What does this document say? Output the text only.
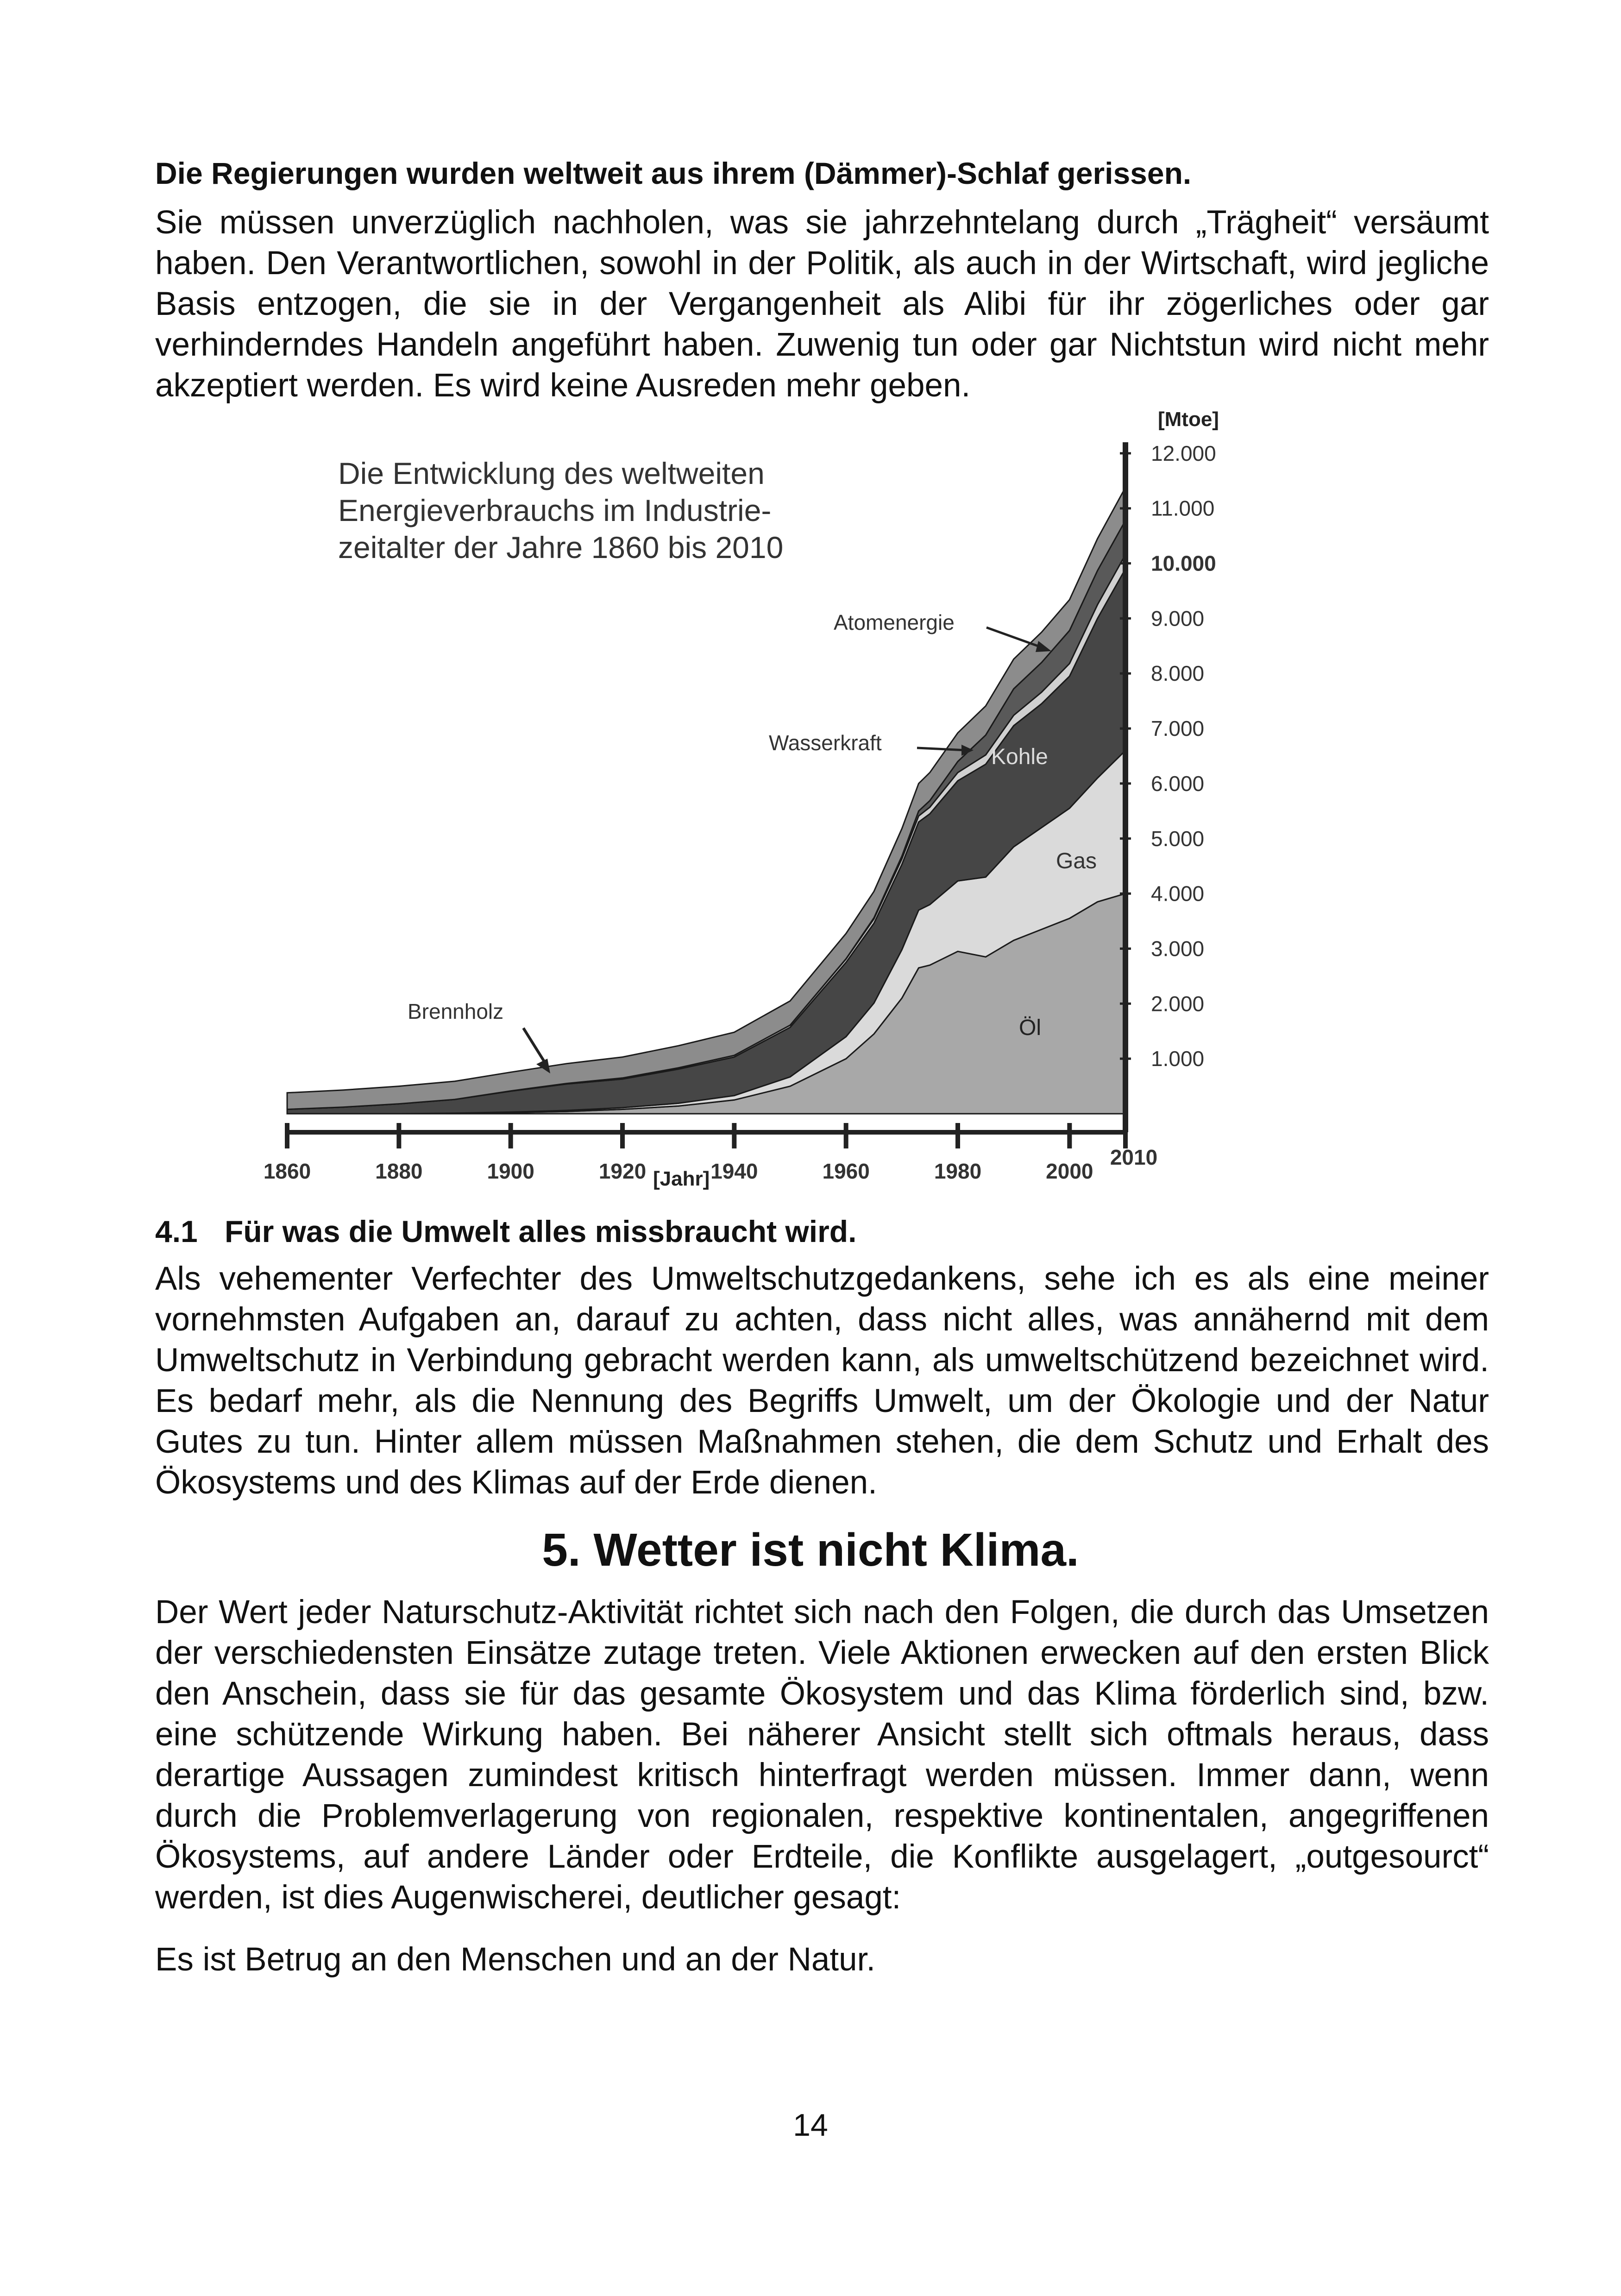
Die Regierungen wurden weltweit aus ihrem (Dämmer)-Schlaf gerissen.

Sie müssen unverzüglich nachholen, was sie jahrzehntelang durch „Trägheit“ versäumt haben. Den Verantwortlichen, sowohl in der Politik, als auch in der Wirtschaft, wird jegliche Basis entzogen, die sie in der Vergangenheit als Alibi für ihr zögerliches oder gar verhinderndes Handeln angeführt haben. Zuwenig tun oder gar Nichtstun wird nicht mehr akzeptiert werden. Es wird keine Ausreden mehr geben.

1860	1880	1900	1920	1940	1960	1980	2000
2010
1.000
2.000
3.000
4.000
5.000
6.000
7.000
8.000
9.000
10.000
11.000
12.000
Die Entwicklung des weltweiten
Energieverbrauchs im Industrie-
zeitalter der Jahre 1860 bis 2010
[Mtoe]
[Jahr]
Atomenergie
Wasserkraft
Kohle
Gas
Öl
Brennholz

4.1 Für was die Umwelt alles missbraucht wird.

Als vehementer Verfechter des Umweltschutzgedankens, sehe ich es als eine meiner vornehmsten Aufgaben an, darauf zu achten, dass nicht alles, was annähernd mit dem Umweltschutz in Verbindung gebracht werden kann, als umweltschützend bezeichnet wird. Es bedarf mehr, als die Nennung des Begriffs Umwelt, um der Ökologie und der Natur Gutes zu tun. Hinter allem müssen Maßnahmen stehen, die dem Schutz und Erhalt des Ökosystems und des Klimas auf der Erde dienen.

5. Wetter ist nicht Klima.

Der Wert jeder Naturschutz-Aktivität richtet sich nach den Folgen, die durch das Umsetzen der verschiedensten Einsätze zutage treten. Viele Aktionen erwecken auf den ersten Blick den Anschein, dass sie für das gesamte Ökosystem und das Klima förderlich sind, bzw. eine schützende Wirkung haben. Bei näherer Ansicht stellt sich oftmals heraus, dass derartige Aussagen zumindest kritisch hinterfragt werden müssen. Immer dann, wenn durch die Problemverlagerung von regionalen, respektive kontinentalen, angegriffenen Ökosystems, auf andere Länder oder Erdteile, die Konflikte ausgelagert, „outgesourct“ werden, ist dies Augenwischerei, deutlicher gesagt:

Es ist Betrug an den Menschen und an der Natur.

14
